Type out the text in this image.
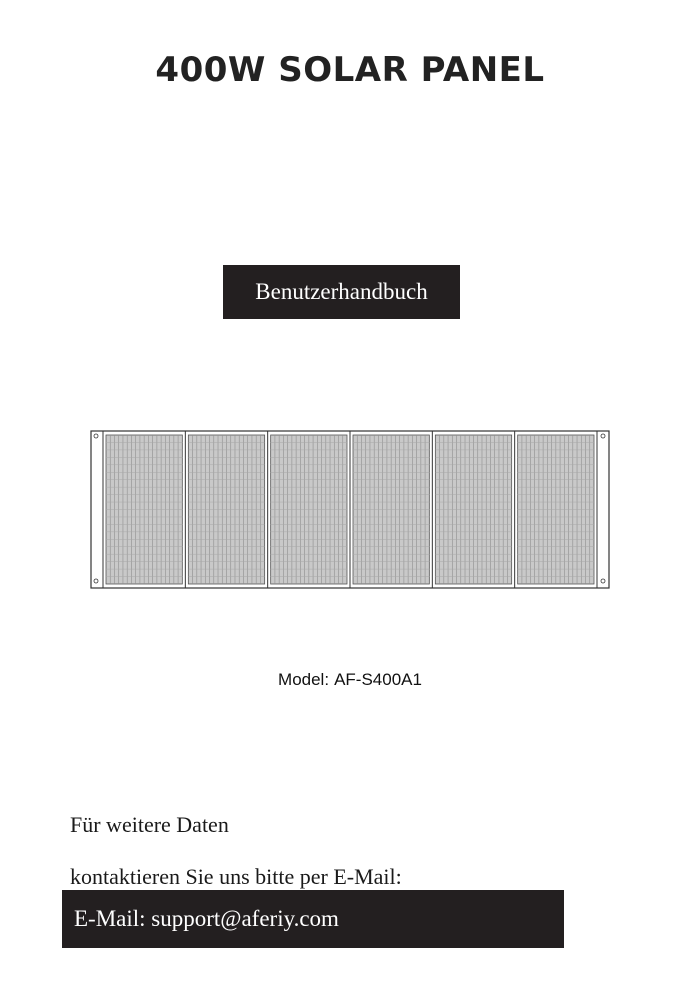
400W SOLAR PANEL
Benutzerhandbuch
Model: AF-S400A1
Für weitere Daten
kontaktieren Sie uns bitte per E-Mail:
E-Mail: support@aferiy.com
